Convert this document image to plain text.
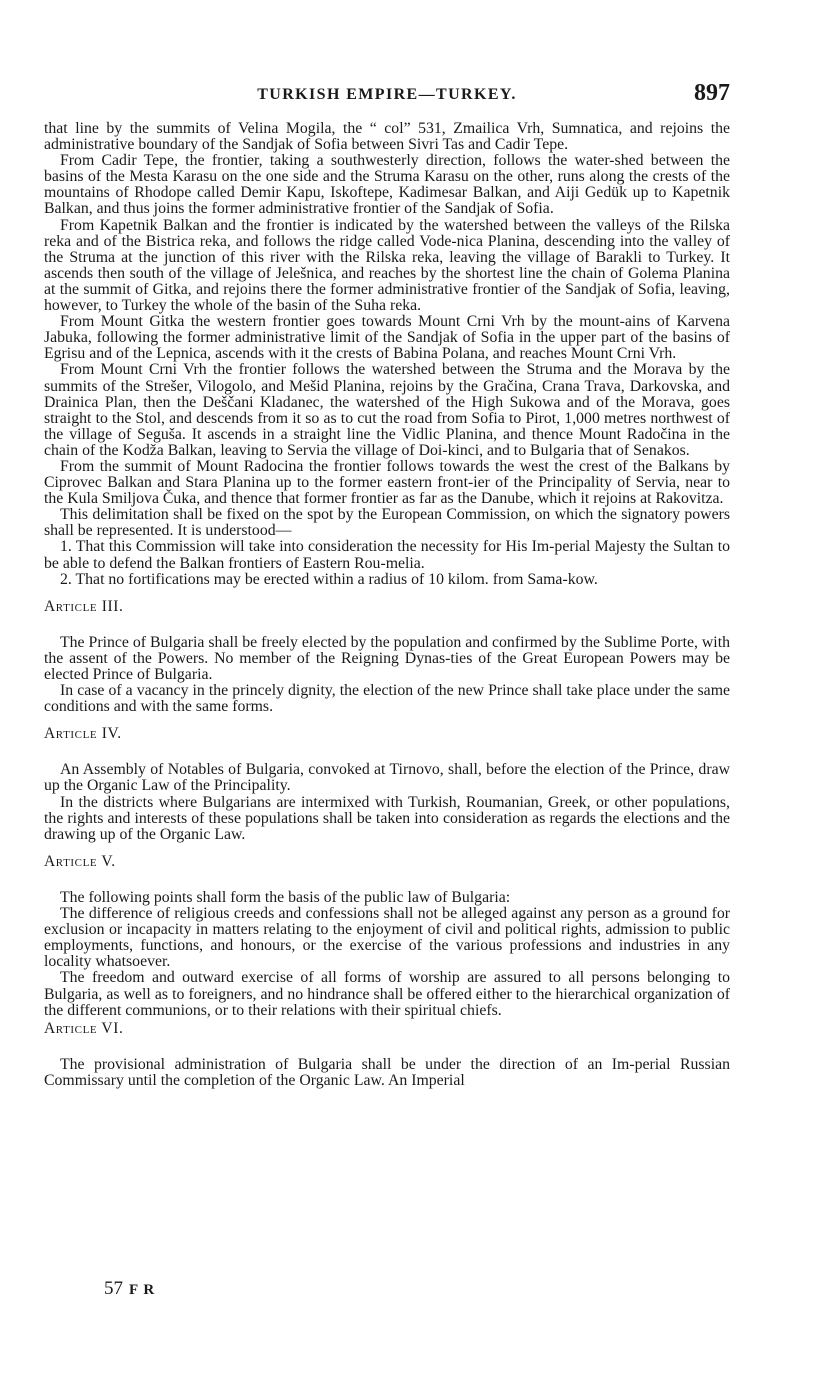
TURKISH EMPIRE—TURKEY.	897

that line by the summits of Velina Mogila, the “ col” 531, Zmailica Vrh, Sumnatica, and rejoins the administrative boundary of the Sandjak of Sofia between Sivri Tas and Cadir Tepe.

From Cadir Tepe, the frontier, taking a southwesterly direction, follows the water-shed between the basins of the Mesta Karasu on the one side and the Struma Karasu on the other, runs along the crests of the mountains of Rhodope called Demir Kapu, Iskoftepe, Kadimesar Balkan, and Aiji Gedük up to Kapetnik Balkan, and thus joins the former administrative frontier of the Sandjak of Sofia.

From Kapetnik Balkan and the frontier is indicated by the watershed between the valleys of the Rilska reka and of the Bistrica reka, and follows the ridge called Vode-nica Planina, descending into the valley of the Struma at the junction of this river with the Rilska reka, leaving the village of Barakli to Turkey. It ascends then south of the village of Jelešnica, and reaches by the shortest line the chain of Golema Planina at the summit of Gitka, and rejoins there the former administrative frontier of the Sandjak of Sofia, leaving, however, to Turkey the whole of the basin of the Suha reka.

From Mount Gitka the western frontier goes towards Mount Crni Vrh by the mount-ains of Karvena Jabuka, following the former administrative limit of the Sandjak of Sofia in the upper part of the basins of Egrisu and of the Lepnica, ascends with it the crests of Babina Polana, and reaches Mount Crni Vrh.

From Mount Crni Vrh the frontier follows the watershed between the Struma and the Morava by the summits of the Strešer, Vilogolo, and Mešid Planina, rejoins by the Gračina, Crana Trava, Darkovska, and Drainica Plan, then the Deščani Kladanec, the watershed of the High Sukowa and of the Morava, goes straight to the Stol, and descends from it so as to cut the road from Sofia to Pirot, 1,000 metres northwest of the village of Seguša. It ascends in a straight line the Vidlic Planina, and thence Mount Radočina in the chain of the Kodža Balkan, leaving to Servia the village of Doi-kinci, and to Bulgaria that of Senakos.

From the summit of Mount Radocina the frontier follows towards the west the crest of the Balkans by Ciprovec Balkan and Stara Planina up to the former eastern front-ier of the Principality of Servia, near to the Kula Smiljova Čuka, and thence that former frontier as far as the Danube, which it rejoins at Rakovitza.

This delimitation shall be fixed on the spot by the European Commission, on which the signatory powers shall be represented. It is understood—

1. That this Commission will take into consideration the necessity for His Im-perial Majesty the Sultan to be able to defend the Balkan frontiers of Eastern Rou-melia.

2. That no fortifications may be erected within a radius of 10 kilom. from Sama-kow.

Article III.

The Prince of Bulgaria shall be freely elected by the population and confirmed by the Sublime Porte, with the assent of the Powers. No member of the Reigning Dynas-ties of the Great European Powers may be elected Prince of Bulgaria.

In case of a vacancy in the princely dignity, the election of the new Prince shall take place under the same conditions and with the same forms.

Article IV.

An Assembly of Notables of Bulgaria, convoked at Tirnovo, shall, before the election of the Prince, draw up the Organic Law of the Principality.

In the districts where Bulgarians are intermixed with Turkish, Roumanian, Greek, or other populations, the rights and interests of these populations shall be taken into consideration as regards the elections and the drawing up of the Organic Law.

Article V.

The following points shall form the basis of the public law of Bulgaria:

The difference of religious creeds and confessions shall not be alleged against any person as a ground for exclusion or incapacity in matters relating to the enjoyment of civil and political rights, admission to public employments, functions, and honours, or the exercise of the various professions and industries in any locality whatsoever.

The freedom and outward exercise of all forms of worship are assured to all persons belonging to Bulgaria, as well as to foreigners, and no hindrance shall be offered either to the hierarchical organization of the different communions, or to their relations with their spiritual chiefs.

Article VI.

The provisional administration of Bulgaria shall be under the direction of an Im-perial Russian Commissary until the completion of the Organic Law. An Imperial

57 F R
